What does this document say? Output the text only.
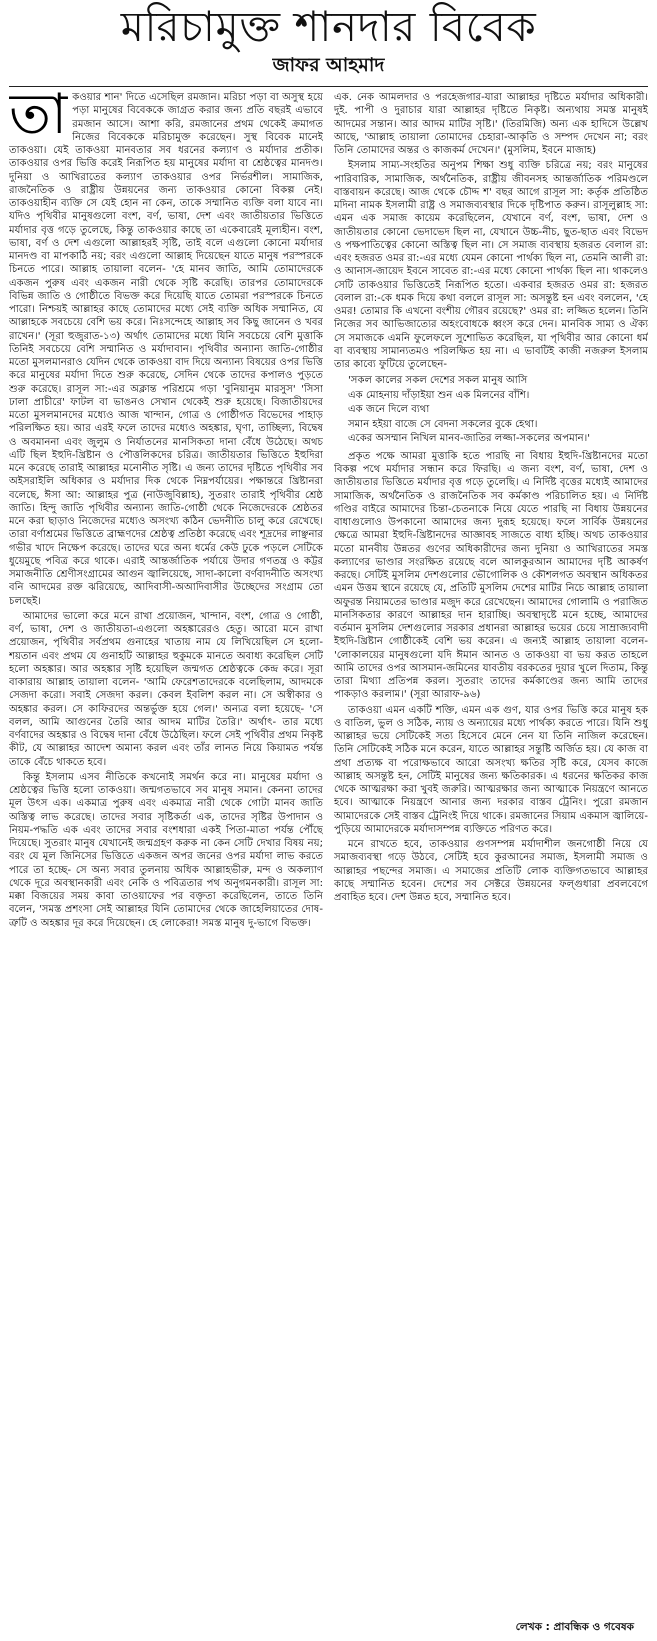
মরিচামুক্ত শানদার বিবেক
জাফর আহমাদ

তাকওয়ার শান' দিতে এসেছিল রমজান। মরিচা পড়া বা অসুস্থ হয়ে পড়া মানুষের বিবেককে জাগ্রত করার জন্য প্রতি বছরই এভাবে রমজান আসে। আশা করি, রমজানের প্রথম থেকেই ক্রমাগত নিজের বিবেককে মরিচামুক্ত করেছেন। সুস্থ বিবেক মানেই তাকওয়া। যেই তাকওয়া মানবতার সব ধরনের কল্যাণ ও মর্যাদার প্রতীক। তাকওয়ার ওপর ভিত্তি করেই নিরূপিত হয় মানুষের মর্যাদা বা শ্রেষ্ঠত্বের মানদণ্ড। দুনিয়া ও আখিরাতের কল্যাণ তাকওয়ার ওপর নির্ভরশীল। সামাজিক, রাজনৈতিক ও রাষ্ট্রীয় উন্নয়নের জন্য তাকওয়ার কোনো বিকল্প নেই। তাকওয়াহীন ব্যক্তি সে যেই হোন না কেন, তাকে সম্মানিত ব্যক্তি বলা যাবে না। যদিও পৃথিবীর মানুষগুলো বংশ, বর্ণ, ভাষা, দেশ এবং জাতীয়তার ভিত্তিতে মর্যাদার বৃত্ত গড়ে তুলেছে, কিন্তু তাকওয়ার কাছে তা একেবারেই মূল্যহীন। বংশ, ভাষা, বর্ণ ও দেশ এগুলো আল্লাহরই সৃষ্টি, তাই বলে এগুলো কোনো মর্যাদার মানদণ্ড বা মাপকাঠি নয়; বরং এগুলো আল্লাহ দিয়েছেন যাতে মানুষ পরস্পরকে চিনতে পারে। আল্লাহ তায়ালা বলেন- 'হে মানব জাতি, আমি তোমাদেরকে একজন পুরুষ এবং একজন নারী থেকে সৃষ্টি করেছি। তারপর তোমাদেরকে বিভিন্ন জাতি ও গোষ্ঠীতে বিভক্ত করে দিয়েছি যাতে তোমরা পরস্পরকে চিনতে পারো। নিশ্চয়ই আল্লাহর কাছে তোমাদের মধ্যে সেই ব্যক্তি অধিক সম্মানিত, যে আল্লাহকে সবচেয়ে বেশি ভয় করে। নিঃসন্দেহে আল্লাহ সব কিছু জানেন ও খবর রাখেন।' (সূরা হুজুরাত-১৩) অর্থাৎ তোমাদের মধ্যে যিনি সবচেয়ে বেশি মুত্তাকি তিনিই সবচেয়ে বেশি সম্মানিত ও মর্যাদাবান। পৃথিবীর অন্যান্য জাতি-গোষ্ঠীর মতো মুসলমানরাও যেদিন থেকে তাকওয়া বাদ দিয়ে অন্যান্য বিষয়ের ওপর ভিত্তি করে মানুষের মর্যাদা দিতে শুরু করেছে, সেদিন থেকে তাদের কপালও পুড়তে শুরু করেছে। রাসূল সা:-এর অক্লান্ত পরিশ্রমে গড়া 'বুনিয়ানুম মারসুস' 'সিসা ঢালা প্রাচীরে' ফাটল বা ভাঙনও সেখান থেকেই শুরু হয়েছে। বিজাতীয়দের মতো মুসলমানদের মধ্যেও আজ খান্দান, গোত্র ও গোষ্ঠীগত বিভেদের পাহাড় পরিলক্ষিত হয়। আর এরই ফলে তাদের মধ্যেও অহঙ্কার, ঘৃণা, তাচ্ছিল্য, বিদ্বেষ ও অবমাননা এবং জুলুম ও নির্যাতনের মানসিকতা দানা বেঁধে উঠেছে। অথচ এটি ছিল ইহুদি-খ্রিষ্টান ও পৌত্তলিকদের চরিত্র। জাতীয়তার ভিত্তিতে ইহুদিরা মনে করেছে তারাই আল্লাহর মনোনীত সৃষ্টি। এ জন্য তাদের দৃষ্টিতে পৃথিবীর সব অইসরাইলি অধিকার ও মর্যাদার দিক থেকে নিম্নপর্যায়ের। পক্ষান্তরে খ্রিষ্টানরা বলেছে, ঈসা আ: আল্লাহর পুত্র (নাউজুবিল্লাহ), সুতরাং তারাই পৃথিবীর শ্রেষ্ঠ জাতি। হিন্দু জাতি পৃথিবীর অন্যান্য জাতি-গোষ্ঠী থেকে নিজেদেরকে শ্রেষ্ঠতর মনে করা ছাড়াও নিজেদের মধ্যেও অসংখ্য কঠিন ভেদনীতি চালু করে রেখেছে। তারা বর্ণাশ্রমের ভিত্তিতে ব্রাহ্মণদের শ্রেষ্ঠত্ব প্রতিষ্ঠা করেছে এবং শূদ্রদের লাঞ্ছনার গভীর খাদে নিক্ষেপ করেছে। তাদের ঘরে অন্য ধর্মের কেউ ঢুকে পড়লে সেটিকে ধুয়েমুছে পবিত্র করে থাকে। এরাই আন্তর্জাতিক পর্যায়ে উদার গণতন্ত্র ও কট্টর সমাজনীতি শ্রেণীসংগ্রামের আগুন জ্বালিয়েছে, সাদা-কালো বর্ণবাদনীতি অসংখ্য বনি আদমের রক্ত ঝরিয়েছে, আদিবাসী-অআদিবাসীর উচ্ছেদের সংগ্রাম তো চলছেই।

আমাদের ভালো করে মনে রাখা প্রয়োজন, খান্দান, বংশ, গোত্র ও গোষ্ঠী, বর্ণ, ভাষা, দেশ ও জাতীয়তা-এগুলো অহঙ্কারেরও হেতু। আরো মনে রাখা প্রয়োজন, পৃথিবীর সর্বপ্রথম গুনাহের খাতায় নাম যে লিখিয়েছিল সে হলো- শয়তান এবং প্রথম যে গুনাহটি আল্লাহর হুকুমকে মানতে অবাধ্য করেছিল সেটি হলো অহঙ্কার। আর অহঙ্কার সৃষ্টি হয়েছিল জন্মগত শ্রেষ্ঠত্বকে কেন্দ্র করে। সূরা বাকারায় আল্লাহ তায়ালা বলেন- 'আমি ফেরেশতাদেরকে বলেছিলাম, আদমকে সেজদা করো। সবাই সেজদা করল। কেবল ইবলিশ করল না। সে অস্বীকার ও অহঙ্কার করল। সে কাফিরদের অন্তর্ভুক্ত হয়ে গেল।' অন্যত্র বলা হয়েছে- 'সে বলল, আমি আগুনের তৈরি আর আদম মাটির তৈরি।' অর্থাৎ- তার মধ্যে বর্ণবাদের অহঙ্কার ও বিদ্বেষ দানা বেঁধে উঠেছিল। ফলে সেই পৃথিবীর প্রথম নিকৃষ্ট কীট, যে আল্লাহর আদেশ অমান্য করল এবং তাঁর লানত নিয়ে কিয়ামত পর্যন্ত তাকে বেঁচে থাকতে হবে।

কিন্তু ইসলাম এসব নীতিকে কখনোই সমর্থন করে না। মানুষের মর্যাদা ও শ্রেষ্ঠত্বের ভিত্তি হলো তাকওয়া। জন্মগতভাবে সব মানুষ সমান। কেননা তাদের মূল উৎস এক। একমাত্র পুরুষ এবং একমাত্র নারী থেকে গোটা মানব জাতি অস্তিত্ব লাভ করেছে। তাদের সবার সৃষ্টিকর্তা এক, তাদের সৃষ্টির উপাদান ও নিয়ম-পদ্ধতি এক এবং তাদের সবার বংশধারা একই পিতা-মাতা পর্যন্ত পৌঁছে দিয়েছে। সুতরাং মানুষ যেখানেই জন্মগ্রহণ করুক না কেন সেটি দেখার বিষয় নয়; বরং যে মূল জিনিসের ভিত্তিতে একজন অপর জনের ওপর মর্যাদা লাভ করতে পারে তা হচ্ছে- সে অন্য সবার তুলনায় অধিক আল্লাহভীরু, মন্দ ও অকল্যাণ থেকে দূরে অবস্থানকারী এবং নেকি ও পবিত্রতার পথ অনুগমনকারী। রাসূল সা: মক্কা বিজয়ের সময় কাবা তাওয়াফের পর বক্তৃতা করেছিলেন, তাতে তিনি বলেন, 'সমস্ত প্রশংসা সেই আল্লাহর যিনি তোমাদের থেকে জাহেলিয়াতের দোষ-ত্রুটি ও অহঙ্কার দূর করে দিয়েছেন। হে লোকেরা! সমস্ত মানুষ দু-ভাগে বিভক্ত।

এক. নেক আমলদার ও পরহেজগার-যারা আল্লাহর দৃষ্টিতে মর্যাদার অধিকারী। দুই. পাপী ও দুরাচার যারা আল্লাহর দৃষ্টিতে নিকৃষ্ট। অন্যথায় সমস্ত মানুষই আদমের সন্তান। আর আদম মাটির সৃষ্টি।' (তিরমিজি) অন্য এক হাদিসে উল্লেখ আছে, 'আল্লাহ তায়ালা তোমাদের চেহারা-আকৃতি ও সম্পদ দেখেন না; বরং তিনি তোমাদের অন্তর ও কাজকর্ম দেখেন।' (মুসলিম, ইবনে মাজাহ)

ইসলাম সাম্য-সংহতির অনুপম শিক্ষা শুধু ব্যক্তি চরিত্রে নয়; বরং মানুষের পারিবারিক, সামাজিক, অর্থনৈতিক, রাষ্ট্রীয় জীবনসহ আন্তর্জাতিক পরিমণ্ডলে বাস্তবায়ন করেছে। আজ থেকে চৌদ্দ শ' বছর আগে রাসূল সা: কর্তৃক প্রতিষ্ঠিত মদিনা নামক ইসলামী রাষ্ট্র ও সমাজব্যবস্থার দিকে দৃষ্টিপাত করুন। রাসূলুল্লাহ সা: এমন এক সমাজ কায়েম করেছিলেন, যেখানে বর্ণ, বংশ, ভাষা, দেশ ও জাতীয়তার কোনো ভেদাভেদ ছিল না, যেখানে উচ্চ-নীচ, ছুত-ছাত এবং বিভেদ ও পক্ষপাতিত্বের কোনো অস্তিত্ব ছিল না। সে সমাজ ব্যবস্থায় হজরত বেলাল রা: এবং হজরত ওমর রা:-এর মধ্যে যেমন কোনো পার্থক্য ছিল না, তেমনি আলী রা: ও আনাস-জায়েদ ইবনে সাবেত রা:-এর মধ্যে কোনো পার্থক্য ছিল না। থাকলেও সেটি তাকওয়ার ভিত্তিতেই নিরূপিত হতো। একবার হজরত ওমর রা: হজরত বেলাল রা:-কে ধমক দিয়ে কথা বললে রাসূল সা: অসন্তুষ্ট হন এবং বললেন, 'হে ওমর! তোমার কি এখনো বংশীয় গৌরব রয়েছে?' ওমর রা: লজ্জিত হলেন। তিনি নিজের সব আভিজাত্যের অহংবোধকে ধ্বংস করে দেন। মানবিক সাম্য ও ঐক্য সে সমাজকে এমনি ফুলেফলে সুশোভিত করেছিল, যা পৃথিবীর আর কোনো ধর্ম বা ব্যবস্থায় সামান্যতমও পরিলক্ষিত হয় না। এ ভাবটিই কাজী নজরুল ইসলাম তার কাব্যে ফুটিয়ে তুলেছেন-

'সকল কালের সকল দেশের সকল মানুষ আসি
এক মোহনায় দাঁড়াইয়া শুন এক মিলনের বাঁশি।
এক জনে দিলে ব্যথা
সমান হইয়া বাজে সে বেদনা সকলের বুকে হেথা।
একের অসম্মান নিখিল মানব-জাতির লজ্জা-সকলের অপমান।'

প্রকৃত পক্ষে আমরা মুত্তাকি হতে পারছি না বিধায় ইহুদি-খ্রিষ্টানদের মতো বিকল্প পথে মর্যাদার সন্ধান করে ফিরছি। এ জন্য বংশ, বর্ণ, ভাষা, দেশ ও জাতীয়তার ভিত্তিতে মর্যাদার বৃত্ত গড়ে তুলেছি। এ নির্দিষ্ট বৃত্তের মধ্যেই আমাদের সামাজিক, অর্থনৈতিক ও রাজনৈতিক সব কর্মকাণ্ড পরিচালিত হয়। এ নির্দিষ্ট গণ্ডির বাইরে আমাদের চিন্তা-চেতনাকে নিয়ে যেতে পারছি না বিধায় উন্নয়নের বাধাগুলোও উপকানো আমাদের জন্য দুরূহ হয়েছে। ফলে সার্বিক উন্নয়নের ক্ষেত্রে আমরা ইহুদি-খ্রিষ্টানদের আজ্ঞাবহ সাজতে বাধ্য হচ্ছি। অথচ তাকওয়ার মতো মানবীয় উন্নতর গুণের অধিকারীদের জন্য দুনিয়া ও আখিরাতের সমস্ত কল্যাণের ভাণ্ডার সংরক্ষিত রয়েছে বলে আলকুরআন আমাদের দৃষ্টি আকর্ষণ করছে। সেটিই মুসলিম দেশগুলোর ভৌগোলিক ও কৌশলগত অবস্থান অধিকতর এমন উত্তম স্থানে রয়েছে যে, প্রতিটি মুসলিম দেশের মাটির নিচে আল্লাহ তায়ালা অফুরন্ত নিয়ামতের ভাণ্ডার মজুদ করে রেখেছেন। আমাদের গোলামি ও পরাজিত মানসিকতার কারণে আল্লাহর দান হারাচ্ছি। অবস্থাদৃষ্টে মনে হচ্ছে, আমাদের বর্তমান মুসলিম দেশগুলোর সরকার প্রধানরা আল্লাহর ভয়ের চেয়ে সাম্রাজ্যবাদী ইহুদি-খ্রিষ্টান গোষ্ঠীকেই বেশি ভয় করেন। এ জন্যই আল্লাহ তায়ালা বলেন-'লোকালয়ের মানুষগুলো যদি ঈমান আনত ও তাকওয়া বা ভয় করত তাহলে আমি তাদের ওপর আসমান-জমিনের যাবতীয় বরকতের দুয়ার খুলে দিতাম, কিন্তু তারা মিথ্যা প্রতিপন্ন করল। সুতরাং তাদের কর্মকাণ্ডের জন্য আমি তাদের পাকড়াও করলাম।' (সূরা আরাফ-৯৬)

তাকওয়া এমন একটি শক্তি, এমন এক গুণ, যার ওপর ভিত্তি করে মানুষ হক ও বাতিল, ভুল ও সঠিক, ন্যায় ও অন্যায়ের মধ্যে পার্থক্য করতে পারে। যিনি শুধু আল্লাহর ভয়ে সেটিকেই সত্য হিসেবে মেনে নেন যা তিনি নাজিল করেছেন। তিনি সেটিকেই সঠিক মনে করেন, যাতে আল্লাহর সন্তুষ্টি অর্জিত হয়। যে কাজ বা প্রথা প্রত্যক্ষ বা পরোক্ষভাবে আরো অসংখ্য ক্ষতির সৃষ্টি করে, যেসব কাজে আল্লাহ অসন্তুষ্ট হন, সেটিই মানুষের জন্য ক্ষতিকারক। এ ধরনের ক্ষতিকর কাজ থেকে আত্মরক্ষা করা খুবই জরুরি। আত্মরক্ষার জন্য আত্মাকে নিয়ন্ত্রণে আনতে হবে। আত্মাকে নিয়ন্ত্রণে আনার জন্য দরকার বাস্তব ট্রেনিং। পুরো রমজান আমাদেরকে সেই বাস্তব ট্রেনিংই দিয়ে থাকে। রমজানের সিয়াম একমাস জ্বালিয়ে-পুড়িয়ে আমাদেরকে মর্যাদাসম্পন্ন ব্যক্তিতে পরিণত করে।

মনে রাখতে হবে, তাকওয়ার গুণসম্পন্ন মর্যাদাশীল জনগোষ্ঠী নিয়ে যে সমাজব্যবস্থা গড়ে উঠবে, সেটিই হবে কুরআনের সমাজ, ইসলামী সমাজ ও আল্লাহর পছন্দের সমাজ। এ সমাজের প্রতিটি লোক ব্যক্তিগতভাবে আল্লাহর কাছে সম্মানিত হবেন। দেশের সব সেক্টরে উন্নয়নের ফল্গুধারা প্রবলবেগে প্রবাহিত হবে। দেশ উন্নত হবে, সম্মানিত হবে।

লেখক : প্রাবন্ধিক ও গবেষক
